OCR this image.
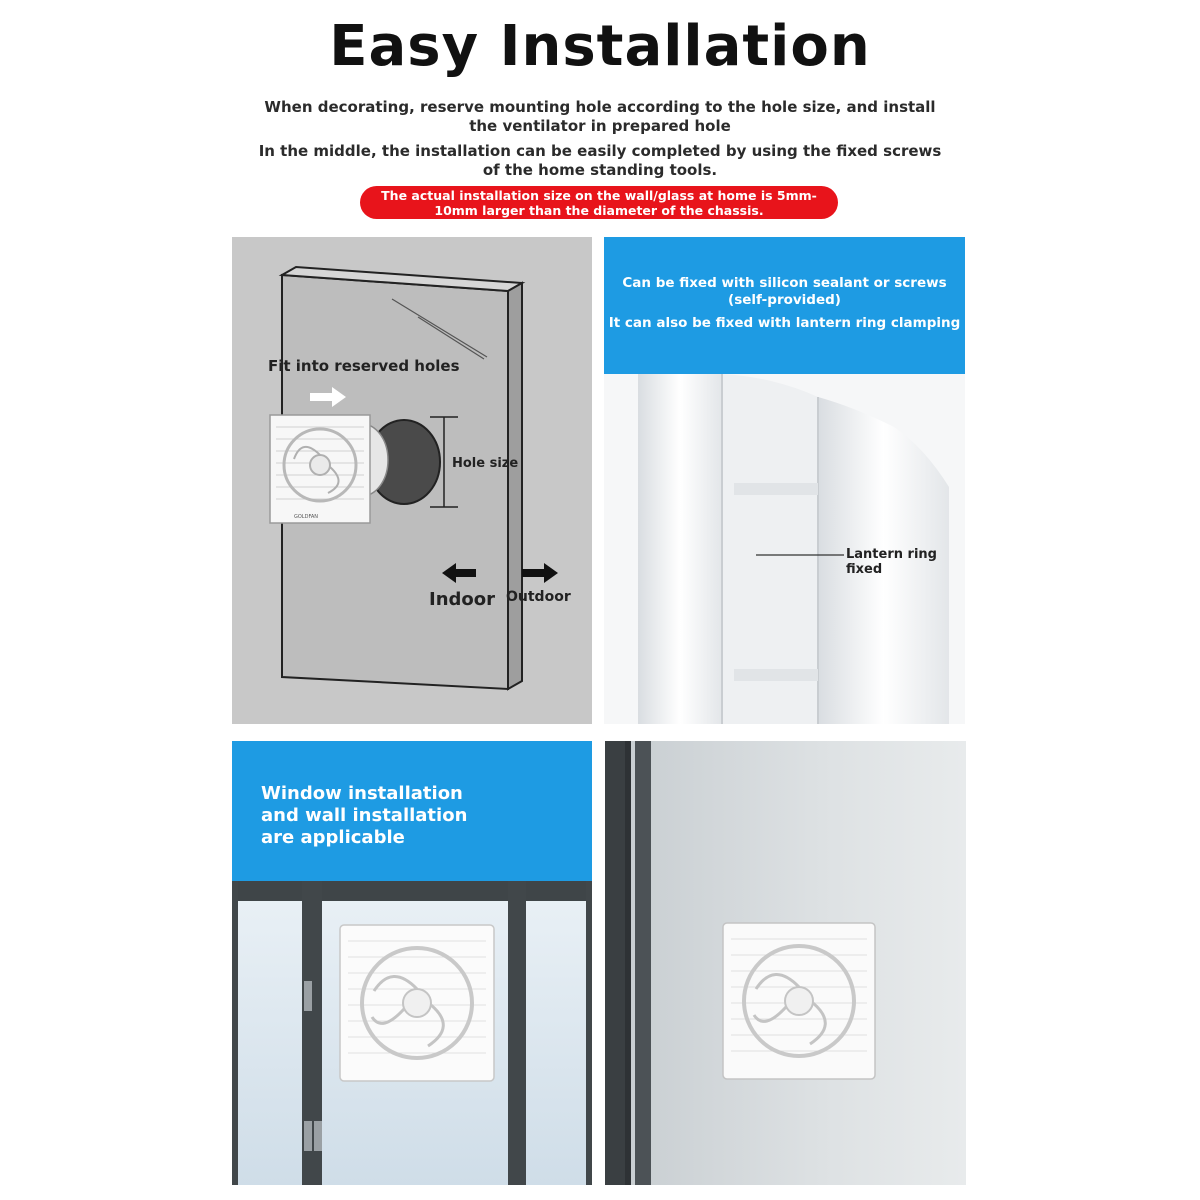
Easy Installation
When decorating, reserve mounting hole according to the hole size, and install the ventilator in prepared hole
In the middle, the installation can be easily completed by using the fixed screws of the home standing tools.
The actual installation size on the wall/glass at home is 5mm-10mm larger than the diameter of the chassis.
GOLDFAN
Fit into reserved holes
Hole size
Indoor Outdoor
Can be fixed with silicon sealant or screws (self-provided)
It can also be fixed with lantern ring clamping
Lantern ring fixed
Window installation and wall installation are applicable
